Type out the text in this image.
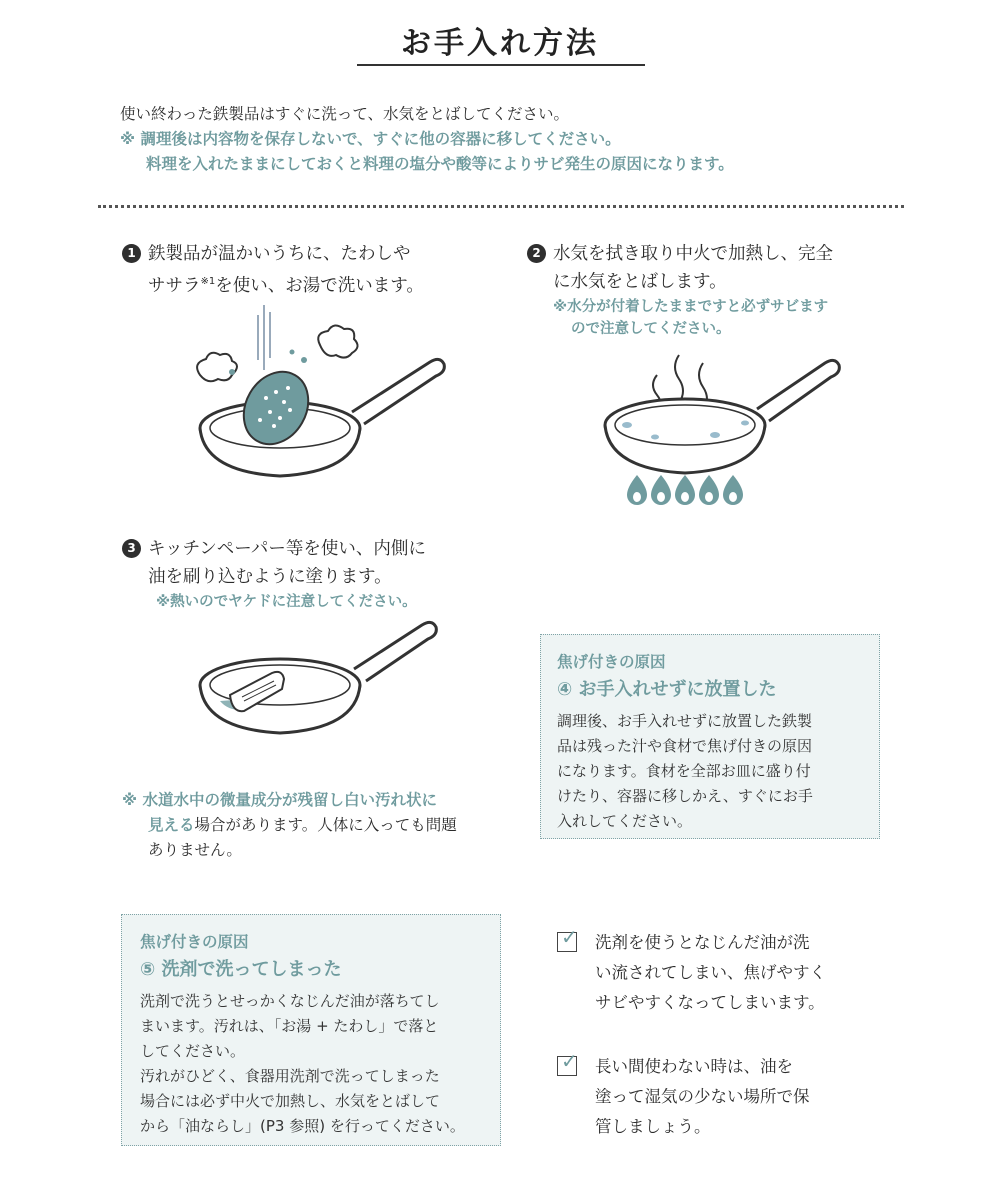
お手入れ方法
使い終わった鉄製品はすぐに洗って、水気をとばしてください。
※ 調理後は内容物を保存しないで、すぐに他の容器に移してください。
料理を入れたままにしておくと料理の塩分や酸等によりサビ発生の原因になります。
1 鉄製品が温かいうちに、たわしや
ササラ$^{※1}$を使い、お湯で洗います。
2 水気を拭き取り中火で加熱し、完全
に水気をとばします。
※水分が付着したままですと必ずサビます
ので注意してください。
3 キッチンペーパー等を使い、内側に
油を刷り込むように塗ります。
※熱いのでヤケドに注意してください。
※ 水道水中の微量成分が残留し白い汚れ状に
見える場合があります。人体に入っても問題
ありません。
焦げ付きの原因
④ お手入れせずに放置した
調理後、お手入れせずに放置した鉄製
品は残った汁や食材で焦げ付きの原因
になります。食材を全部お皿に盛り付
けたり、容器に移しかえ、すぐにお手
入れしてください。
焦げ付きの原因
⑤ 洗剤で洗ってしまった
洗剤で洗うとせっかくなじんだ油が落ちてし
まいます。汚れは、「お湯 + たわし」で落と
してください。
汚れがひどく、食器用洗剤で洗ってしまった
場合には必ず中火で加熱し、水気をとばして
から「油ならし」(P3 参照) を行ってください。
✓ 洗剤を使うとなじんだ油が洗
い流されてしまい、焦げやすく
サビやすくなってしまいます。
✓ 長い間使わない時は、油を
塗って湿気の少ない場所で保
管しましょう。
